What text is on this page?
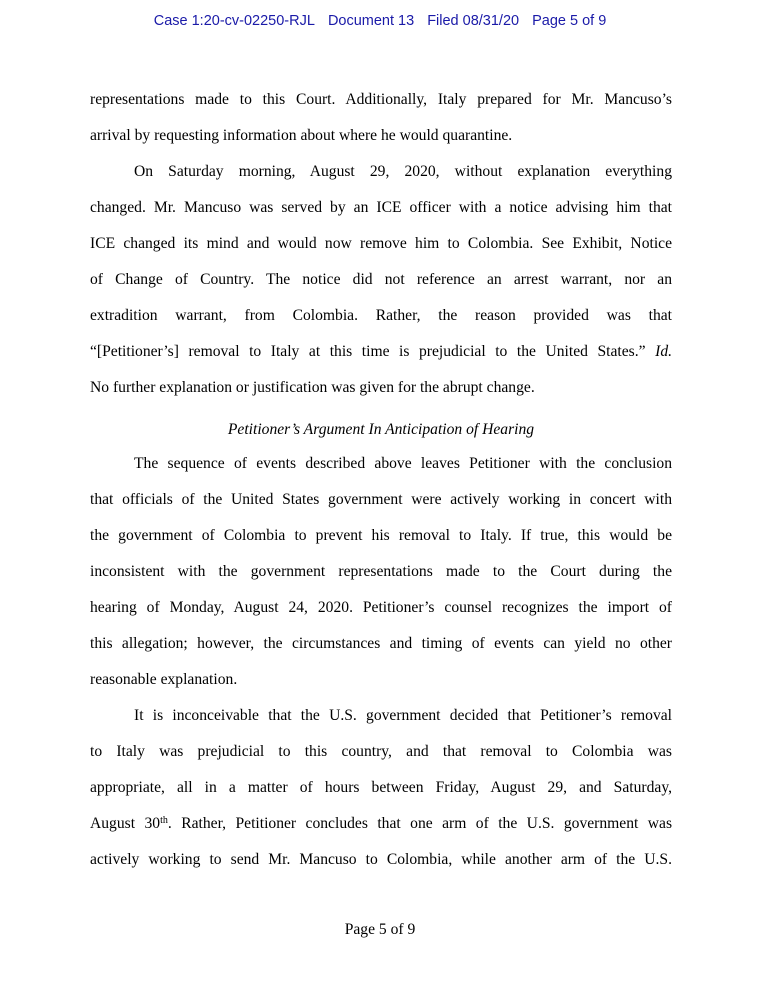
Case 1:20-cv-02250-RJL Document 13 Filed 08/31/20 Page 5 of 9
representations made to this Court. Additionally, Italy prepared for Mr. Mancuso’s
arrival by requesting information about where he would quarantine.
On Saturday morning, August 29, 2020, without explanation everything
changed. Mr. Mancuso was served by an ICE officer with a notice advising him that
ICE changed its mind and would now remove him to Colombia. See Exhibit, Notice
of Change of Country. The notice did not reference an arrest warrant, nor an
extradition warrant, from Colombia. Rather, the reason provided was that
“[Petitioner’s] removal to Italy at this time is prejudicial to the United States.” Id.
No further explanation or justification was given for the abrupt change.
Petitioner’s Argument In Anticipation of Hearing
The sequence of events described above leaves Petitioner with the conclusion
that officials of the United States government were actively working in concert with
the government of Colombia to prevent his removal to Italy. If true, this would be
inconsistent with the government representations made to the Court during the
hearing of Monday, August 24, 2020. Petitioner’s counsel recognizes the import of
this allegation; however, the circumstances and timing of events can yield no other
reasonable explanation.
It is inconceivable that the U.S. government decided that Petitioner’s removal
to Italy was prejudicial to this country, and that removal to Colombia was
appropriate, all in a matter of hours between Friday, August 29, and Saturday,
August 30th. Rather, Petitioner concludes that one arm of the U.S. government was
actively working to send Mr. Mancuso to Colombia, while another arm of the U.S.
Page 5 of 9
